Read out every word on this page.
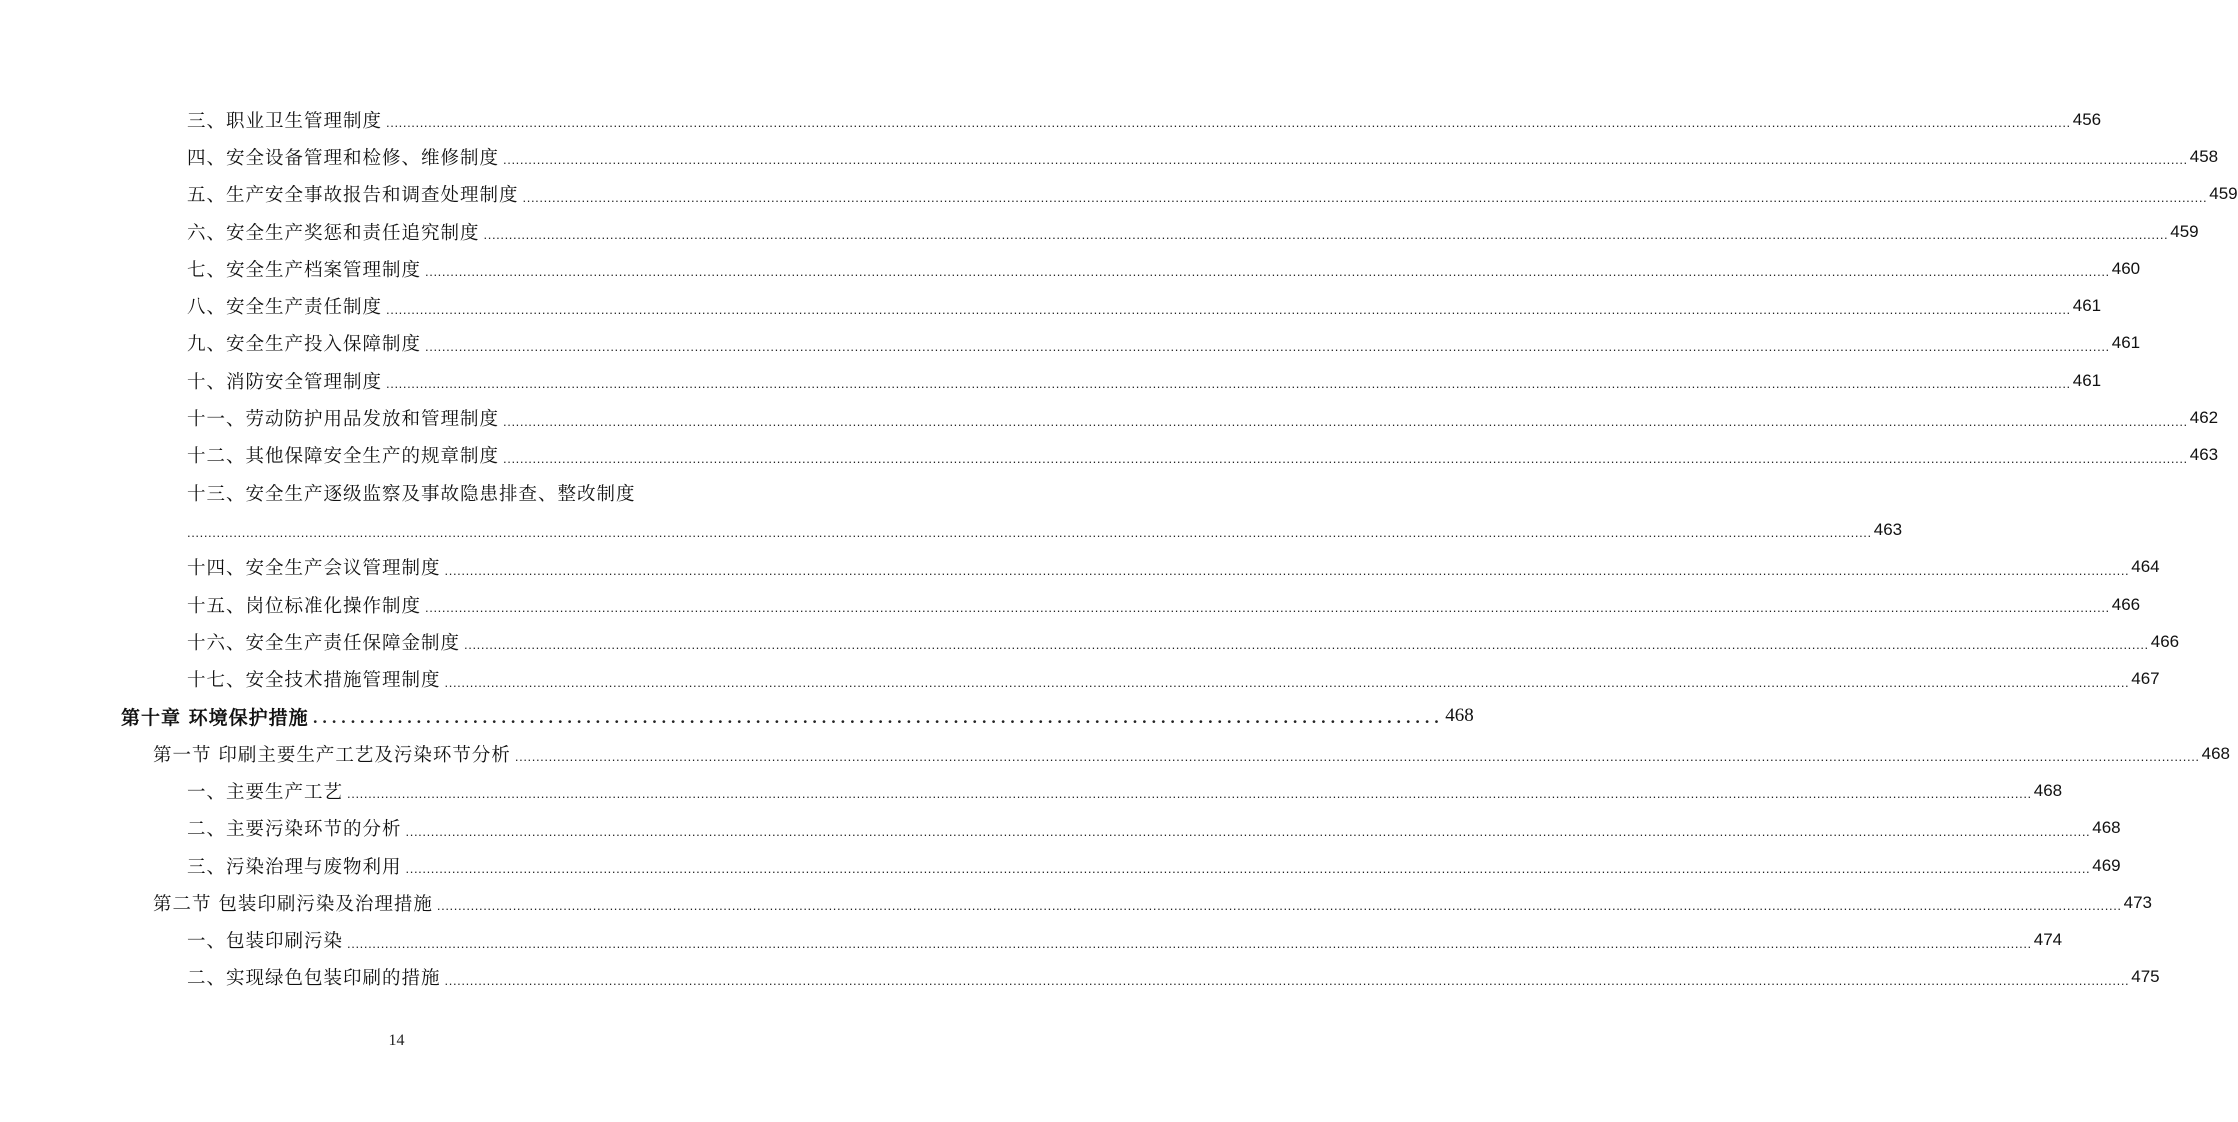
三、职业卫生管理制度 ................................................................................................................................................................................................................................................................................................................................................................................................................ 456
四、安全设备管理和检修、维修制度 ................................................................................................................................................................................................................................................................................................................................................................................................................ 458
五、生产安全事故报告和调查处理制度 ................................................................................................................................................................................................................................................................................................................................................................................................................ 459
六、安全生产奖惩和责任追究制度 ................................................................................................................................................................................................................................................................................................................................................................................................................ 459
七、安全生产档案管理制度 ................................................................................................................................................................................................................................................................................................................................................................................................................ 460
八、安全生产责任制度 ................................................................................................................................................................................................................................................................................................................................................................................................................ 461
九、安全生产投入保障制度 ................................................................................................................................................................................................................................................................................................................................................................................................................ 461
十、消防安全管理制度 ................................................................................................................................................................................................................................................................................................................................................................................................................ 461
十一、劳动防护用品发放和管理制度 ................................................................................................................................................................................................................................................................................................................................................................................................................ 462
十二、其他保障安全生产的规章制度 ................................................................................................................................................................................................................................................................................................................................................................................................................ 463
十三、安全生产逐级监察及事故隐患排查、整改制度
................................................................................................................................................................................................................................................................................................................................................................................................................ 463
十四、安全生产会议管理制度 ................................................................................................................................................................................................................................................................................................................................................................................................................ 464
十五、岗位标准化操作制度 ................................................................................................................................................................................................................................................................................................................................................................................................................ 466
十六、安全生产责任保障金制度 ................................................................................................................................................................................................................................................................................................................................................................................................................ 466
十七、安全技术措施管理制度 ................................................................................................................................................................................................................................................................................................................................................................................................................ 467
第十章 环境保护措施 ........................................................................................................................ 468
第一节 印刷主要生产工艺及污染环节分析 ................................................................................................................................................................................................................................................................................................................................................................................................................ 468
一、主要生产工艺 ................................................................................................................................................................................................................................................................................................................................................................................................................ 468
二、主要污染环节的分析 ................................................................................................................................................................................................................................................................................................................................................................................................................ 468
三、污染治理与废物利用 ................................................................................................................................................................................................................................................................................................................................................................................................................ 469
第二节 包装印刷污染及治理措施 ................................................................................................................................................................................................................................................................................................................................................................................................................ 473
一、包装印刷污染 ................................................................................................................................................................................................................................................................................................................................................................................................................ 474
二、实现绿色包装印刷的措施 ................................................................................................................................................................................................................................................................................................................................................................................................................ 475
14
